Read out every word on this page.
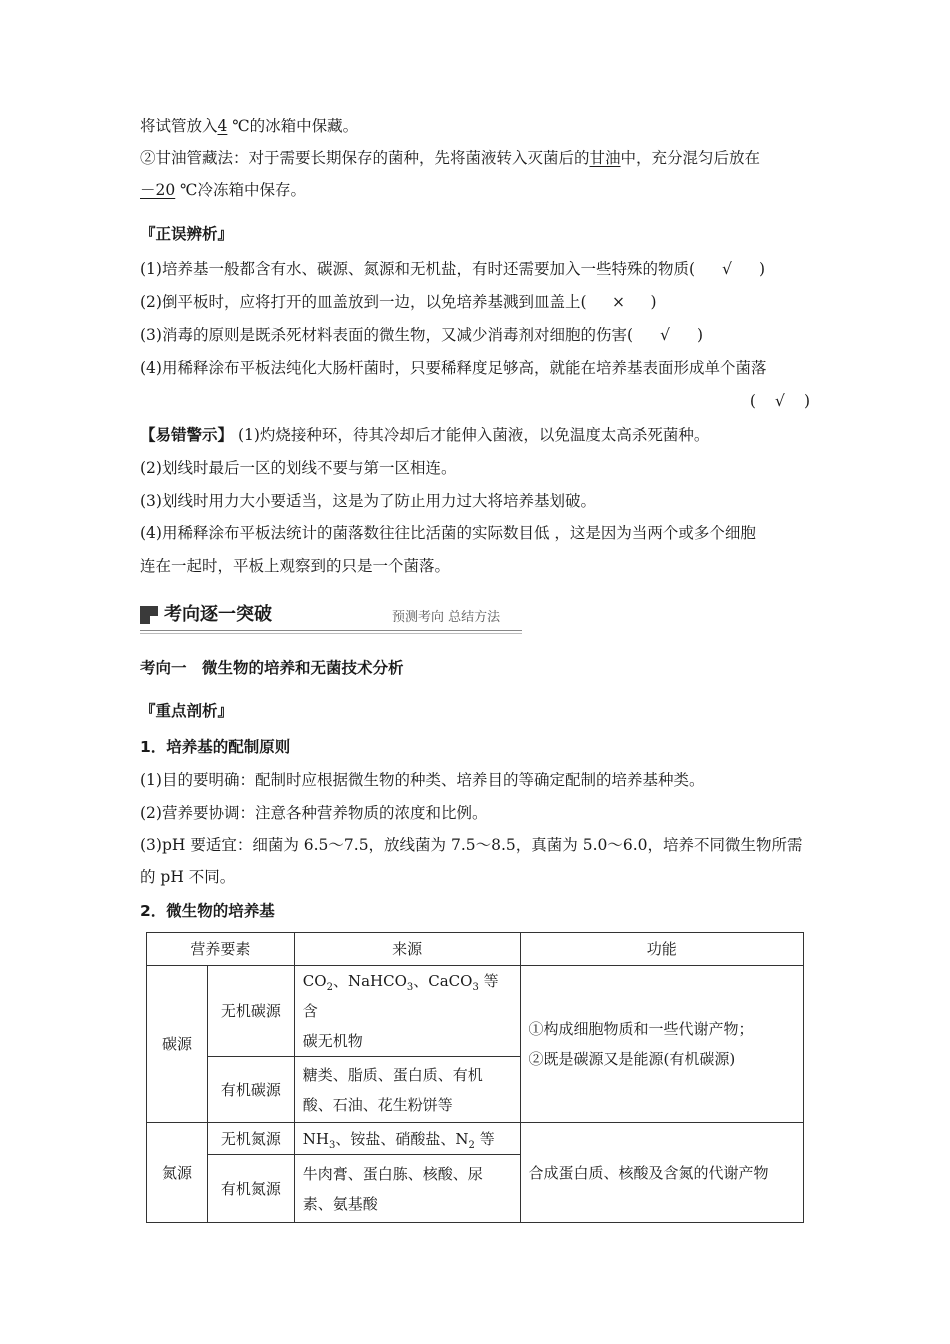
将试管放入4 ℃的冰箱中保藏。
②甘油管藏法：对于需要长期保存的菌种，先将菌液转入灭菌后的甘油中，充分混匀后放在
－20 ℃冷冻箱中保存。
『正误辨析』
(1)培养基一般都含有水、碳源、氮源和无机盐，有时还需要加入一些特殊的物质( √ )
(2)倒平板时，应将打开的皿盖放到一边，以免培养基溅到皿盖上( × )
(3)消毒的原则是既杀死材料表面的微生物，又减少消毒剂对细胞的伤害( √ )
(4)用稀释涂布平板法纯化大肠杆菌时，只要稀释度足够高，就能在培养基表面形成单个菌落
( √ )
【易错警示】 (1)灼烧接种环，待其冷却后才能伸入菌液，以免温度太高杀死菌种。
(2)划线时最后一区的划线不要与第一区相连。
(3)划线时用力大小要适当，这是为了防止用力过大将培养基划破。
(4)用稀释涂布平板法统计的菌落数往往比活菌的实际数目低 ，这是因为当两个或多个细胞
连在一起时，平板上观察到的只是一个菌落。
考向逐一突破	预测考向 总结方法
考向一　微生物的培养和无菌技术分析
『重点剖析』
1．培养基的配制原则
(1)目的要明确：配制时应根据微生物的种类、培养目的等确定配制的培养基种类。
(2)营养要协调：注意各种营养物质的浓度和比例。
(3)pH 要适宜：细菌为 6.5～7.5，放线菌为 7.5～8.5，真菌为 5.0～6.0，培养不同微生物所需
的 pH 不同。
2．微生物的培养基
营养要素		来源	功能
碳源	无机碳源	$CO_2$、NaHCO$_3$、CaCO$_3$ 等含
碳无机物	①构成细胞物质和一些代谢产物；
②既是碳源又是能源(有机碳源)
	有机碳源	糖类、脂质、蛋白质、有机
酸、石油、花生粉饼等	
氮源	无机氮源	$NH_3$、铵盐、硝酸盐、$N_2$ 等	合成蛋白质、核酸及含氮的代谢产物
	有机氮源	牛肉膏、蛋白胨、核酸、尿
素、氨基酸	
